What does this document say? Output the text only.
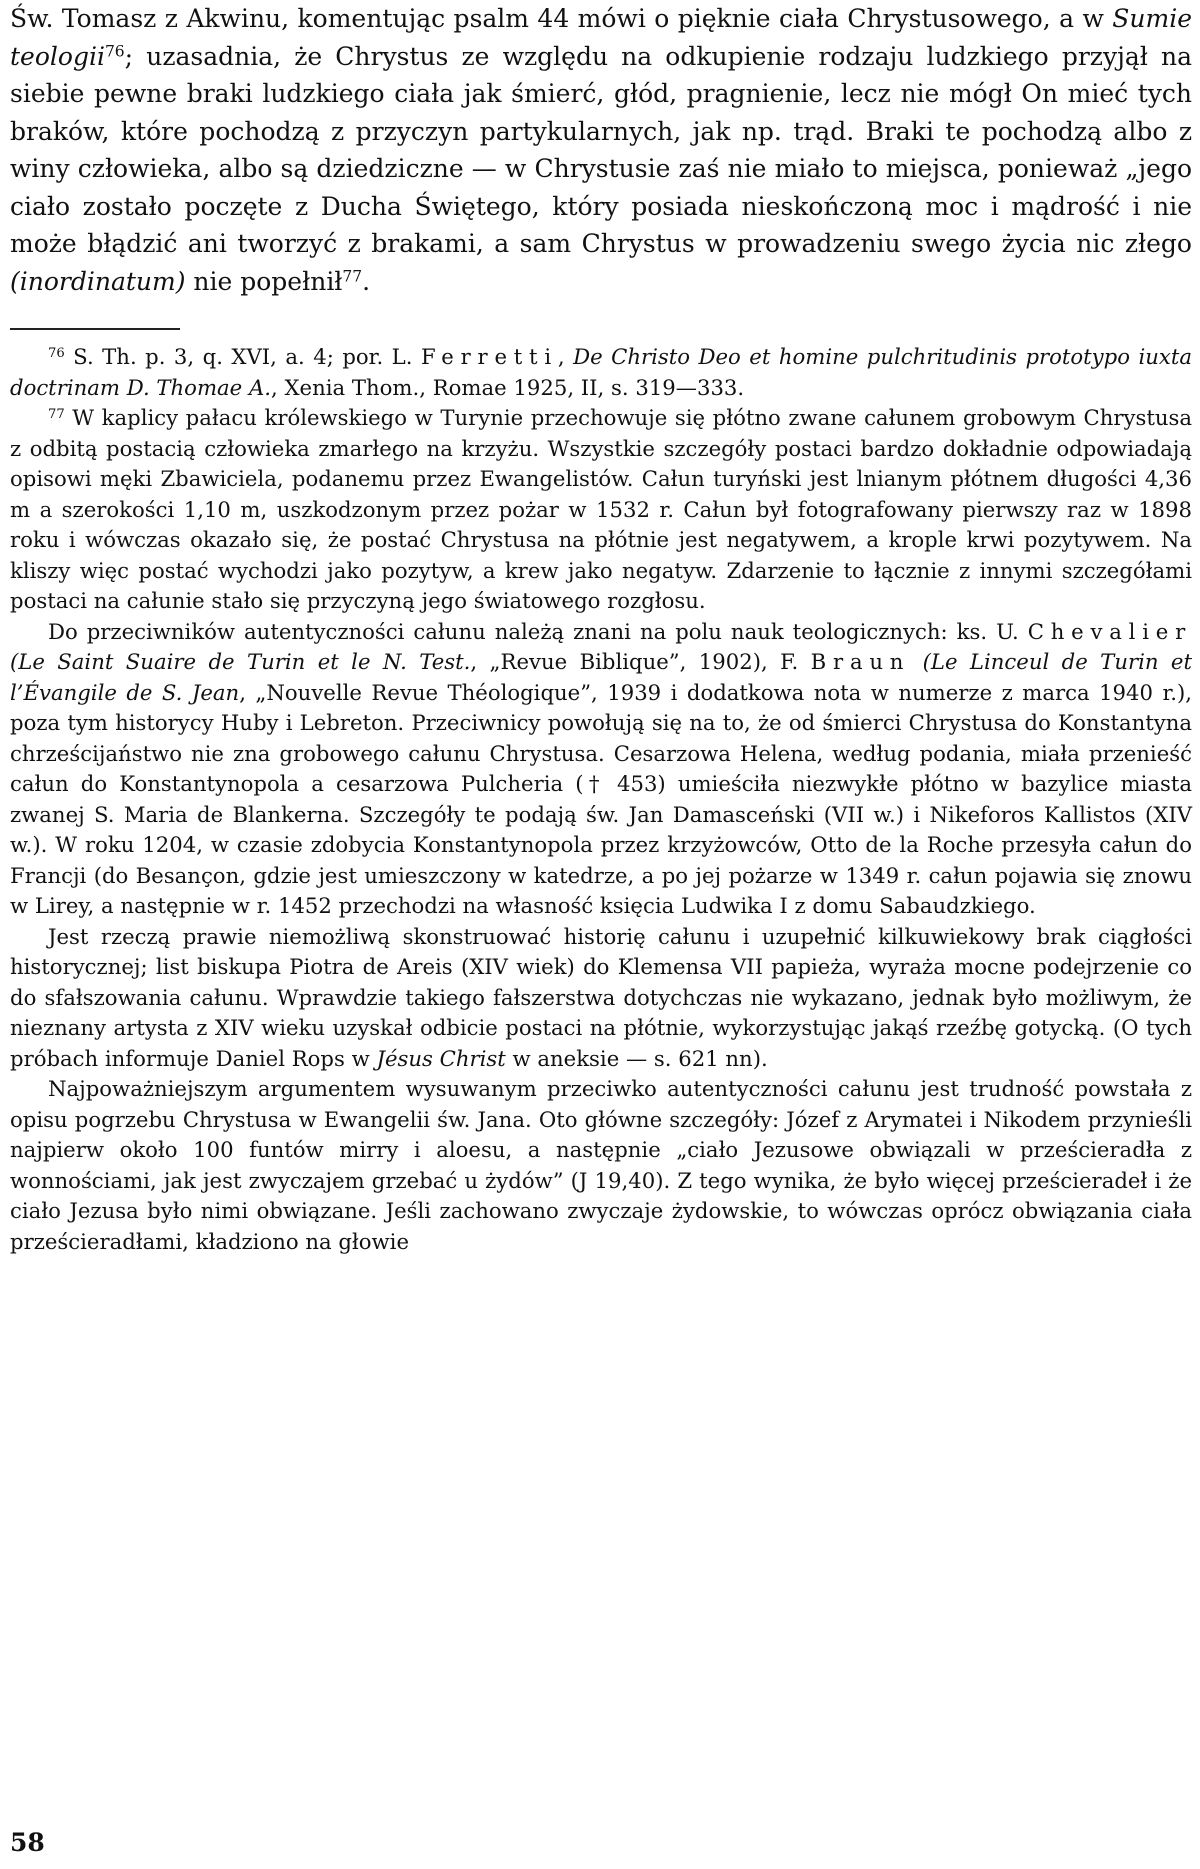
Św. Tomasz z Akwinu, komentując psalm 44 mówi o pięknie ciała Chrystusowego, a w Sumie teologii$^{76}$; uzasadnia, że Chrystus ze względu na odkupienie rodzaju ludzkiego przyjął na siebie pewne braki ludzkiego ciała jak śmierć, głód, pragnienie, lecz nie mógł On mieć tych braków, które pochodzą z przyczyn partykularnych, jak np. trąd. Braki te pochodzą albo z winy człowieka, albo są dziedziczne — w Chrystusie zaś nie miało to miejsca, ponieważ „jego ciało zostało poczęte z Ducha Świętego, który posiada nieskończoną moc i mądrość i nie może błądzić ani tworzyć z brakami, a sam Chrystus w prowadzeniu swego życia nic złego (inordinatum) nie popełnił$^{77}$.

$^{76}$ S. Th. p. 3, q. XVI, a. 4; por. L. Ferretti, De Christo Deo et homine pulchritudinis prototypo iuxta doctrinam D. Thomae A., Xenia Thom., Romae 1925, II, s. 319—333.

$^{77}$ W kaplicy pałacu królewskiego w Turynie przechowuje się płótno zwane całunem grobowym Chrystusa z odbitą postacią człowieka zmarłego na krzyżu. Wszystkie szczegóły postaci bardzo dokładnie odpowiadają opisowi męki Zbawiciela, podanemu przez Ewangelistów. Całun turyński jest lnianym płótnem długości 4,36 m a szerokości 1,10 m, uszkodzonym przez pożar w 1532 r. Całun był fotografowany pierwszy raz w 1898 roku i wówczas okazało się, że postać Chrystusa na płótnie jest negatywem, a krople krwi pozytywem. Na kliszy więc postać wychodzi jako pozytyw, a krew jako negatyw. Zdarzenie to łącznie z innymi szczegółami postaci na całunie stało się przyczyną jego światowego rozgłosu.

Do przeciwników autentyczności całunu należą znani na polu nauk teologicznych: ks. U. Chevalier (Le Saint Suaire de Turin et le N. Test., „Revue Biblique”, 1902), F. Braun (Le Linceul de Turin et l’Évangile de S. Jean, „Nouvelle Revue Théologique”, 1939 i dodatkowa nota w numerze z marca 1940 r.), poza tym historycy Huby i Lebreton. Przeciwnicy powołują się na to, że od śmierci Chrystusa do Konstantyna chrześcijaństwo nie zna grobowego całunu Chrystusa. Cesarzowa Helena, według podania, miała przenieść całun do Konstantynopola a cesarzowa Pulcheria († 453) umieściła niezwykłe płótno w bazylice miasta zwanej S. Maria de Blankerna. Szczegóły te podają św. Jan Damasceński (VII w.) i Nikeforos Kallistos (XIV w.). W roku 1204, w czasie zdobycia Konstantynopola przez krzyżowców, Otto de la Roche przesyła całun do Francji (do Besançon, gdzie jest umieszczony w katedrze, a po jej pożarze w 1349 r. całun pojawia się znowu w Lirey, a następnie w r. 1452 przechodzi na własność księcia Ludwika I z domu Sabaudzkiego.

Jest rzeczą prawie niemożliwą skonstruować historię całunu i uzupełnić kilkuwiekowy brak ciągłości historycznej; list biskupa Piotra de Areis (XIV wiek) do Klemensa VII papieża, wyraża mocne podejrzenie co do sfałszowania całunu. Wprawdzie takiego fałszerstwa dotychczas nie wykazano, jednak było możliwym, że nieznany artysta z XIV wieku uzyskał odbicie postaci na płótnie, wykorzystując jakąś rzeźbę gotycką. (O tych próbach informuje Daniel Rops w Jésus Christ w aneksie — s. 621 nn).

Najpoważniejszym argumentem wysuwanym przeciwko autentyczności całunu jest trudność powstała z opisu pogrzebu Chrystusa w Ewangelii św. Jana. Oto główne szczegóły: Józef z Arymatei i Nikodem przynieśli najpierw około 100 funtów mirry i aloesu, a następnie „ciało Jezusowe obwiązali w prześcieradła z wonnościami, jak jest zwyczajem grzebać u żydów” (J 19,40). Z tego wynika, że było więcej prześcieradeł i że ciało Jezusa było nimi obwiązane. Jeśli zachowano zwyczaje żydowskie, to wówczas oprócz obwiązania ciała prześcieradłami, kładziono na głowie

58
